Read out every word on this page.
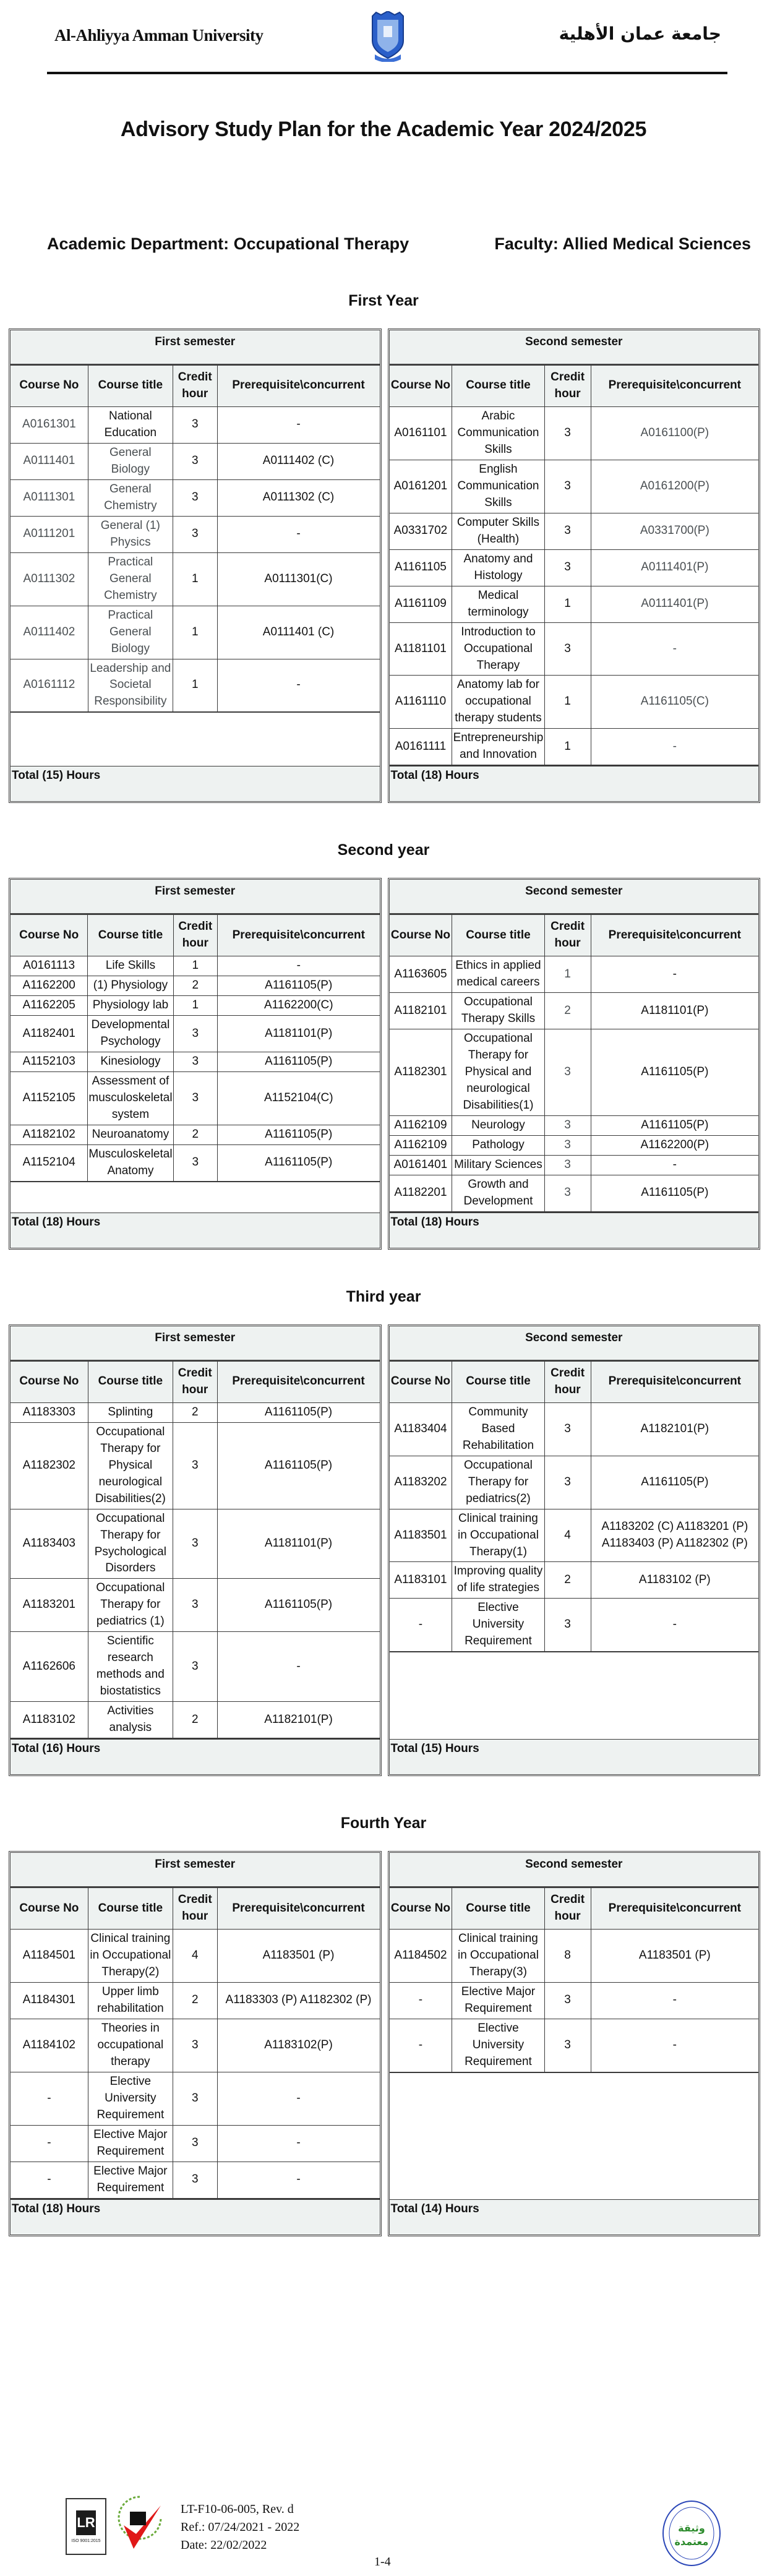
Al-Ahliyya Amman University	جامعة عمان الأهلية
Advisory Study Plan for the Academic Year 2024/2025
Academic Department: Occupational Therapy	Faculty: Allied Medical Sciences
First Year
First semester
Course No	Course title	Credit hour	Prerequisite\concurrent
A0161301	National Education	3	-
A0111401	General Biology	3	A0111402 (C)
A0111301	General Chemistry	3	A0111302 (C)
A0111201	General (1) Physics	3	-
A0111302	Practical General Chemistry	1	A0111301(C)
A0111402	Practical General Biology	1	A0111401 (C)
A0161112	Leadership and Societal Responsibility	1	-
Total (15) Hours
Second semester
Course No	Course title	Credit hour	Prerequisite\concurrent
A0161101	Arabic Communication Skills	3	A0161100(P)
A0161201	English Communication Skills	3	A0161200(P)
A0331702	Computer Skills (Health)	3	A0331700(P)
A1161105	Anatomy and Histology	3	A0111401(P)
A1161109	Medical terminology	1	A0111401(P)
A1181101	Introduction to Occupational Therapy	3	-
A1161110	Anatomy lab for occupational therapy students	1	A1161105(C)
A0161111	Entrepreneurship and Innovation	1	-
Total (18) Hours
Second year
First semester
Course No	Course title	Credit hour	Prerequisite\concurrent
A0161113	Life Skills	1	-
A1162200	(1) Physiology	2	A1161105(P)
A1162205	Physiology lab	1	A1162200(C)
A1182401	Developmental Psychology	3	A1181101(P)
A1152103	Kinesiology	3	A1161105(P)
A1152105	Assessment of musculoskeletal system	3	A1152104(C)
A1182102	Neuroanatomy	2	A1161105(P)
A1152104	Musculoskeletal Anatomy	3	A1161105(P)
Total (18) Hours
Second semester
Course No	Course title	Credit hour	Prerequisite\concurrent
A1163605	Ethics in applied medical careers	1	-
A1182101	Occupational Therapy Skills	2	A1181101(P)
A1182301	Occupational Therapy for Physical and neurological Disabilities(1)	3	A1161105(P)
A1162109	Neurology	3	A1161105(P)
A1162109	Pathology	3	A1162200(P)
A0161401	Military Sciences	3	-
A1182201	Growth and Development	3	A1161105(P)
Total (18) Hours
Third year
First semester
Course No	Course title	Credit hour	Prerequisite\concurrent
A1183303	Splinting	2	A1161105(P)
A1182302	Occupational Therapy for Physical neurological Disabilities(2)	3	A1161105(P)
A1183403	Occupational Therapy for Psychological Disorders	3	A1181101(P)
A1183201	Occupational Therapy for pediatrics (1)	3	A1161105(P)
A1162606	Scientific research methods and biostatistics	3	-
A1183102	Activities analysis	2	A1182101(P)
Total (16) Hours
Second semester
Course No	Course title	Credit hour	Prerequisite\concurrent
A1183404	Community Based Rehabilitation	3	A1182101(P)
A1183202	Occupational Therapy for pediatrics(2)	3	A1161105(P)
A1183501	Clinical training in Occupational Therapy(1)	4	A1183202 (C) A1183201 (P) A1183403 (P) A1182302 (P)
A1183101	Improving quality of life strategies	2	A1183102 (P)
-	Elective University Requirement	3	-
Total (15) Hours
Fourth Year
First semester
Course No	Course title	Credit hour	Prerequisite\concurrent
A1184501	Clinical training in Occupational Therapy(2)	4	A1183501 (P)
A1184301	Upper limb rehabilitation	2	A1183303 (P) A1182302 (P)
A1184102	Theories in occupational therapy	3	A1183102(P)
-	Elective University Requirement	3	-
-	Elective Major Requirement	3	-
-	Elective Major Requirement	3	-
Total (18) Hours
Second semester
Course No	Course title	Credit hour	Prerequisite\concurrent
A1184502	Clinical training in Occupational Therapy(3)	8	A1183501 (P)
-	Elective Major Requirement	3	-
-	Elective University Requirement	3	-
Total (14) Hours
LR
ISO 9001:2015
LT-F10-06-005, Rev. d
Ref.: 07/24/2021 - 2022
Date: 22/02/2022
1-4
وثيقة
معتمدة
